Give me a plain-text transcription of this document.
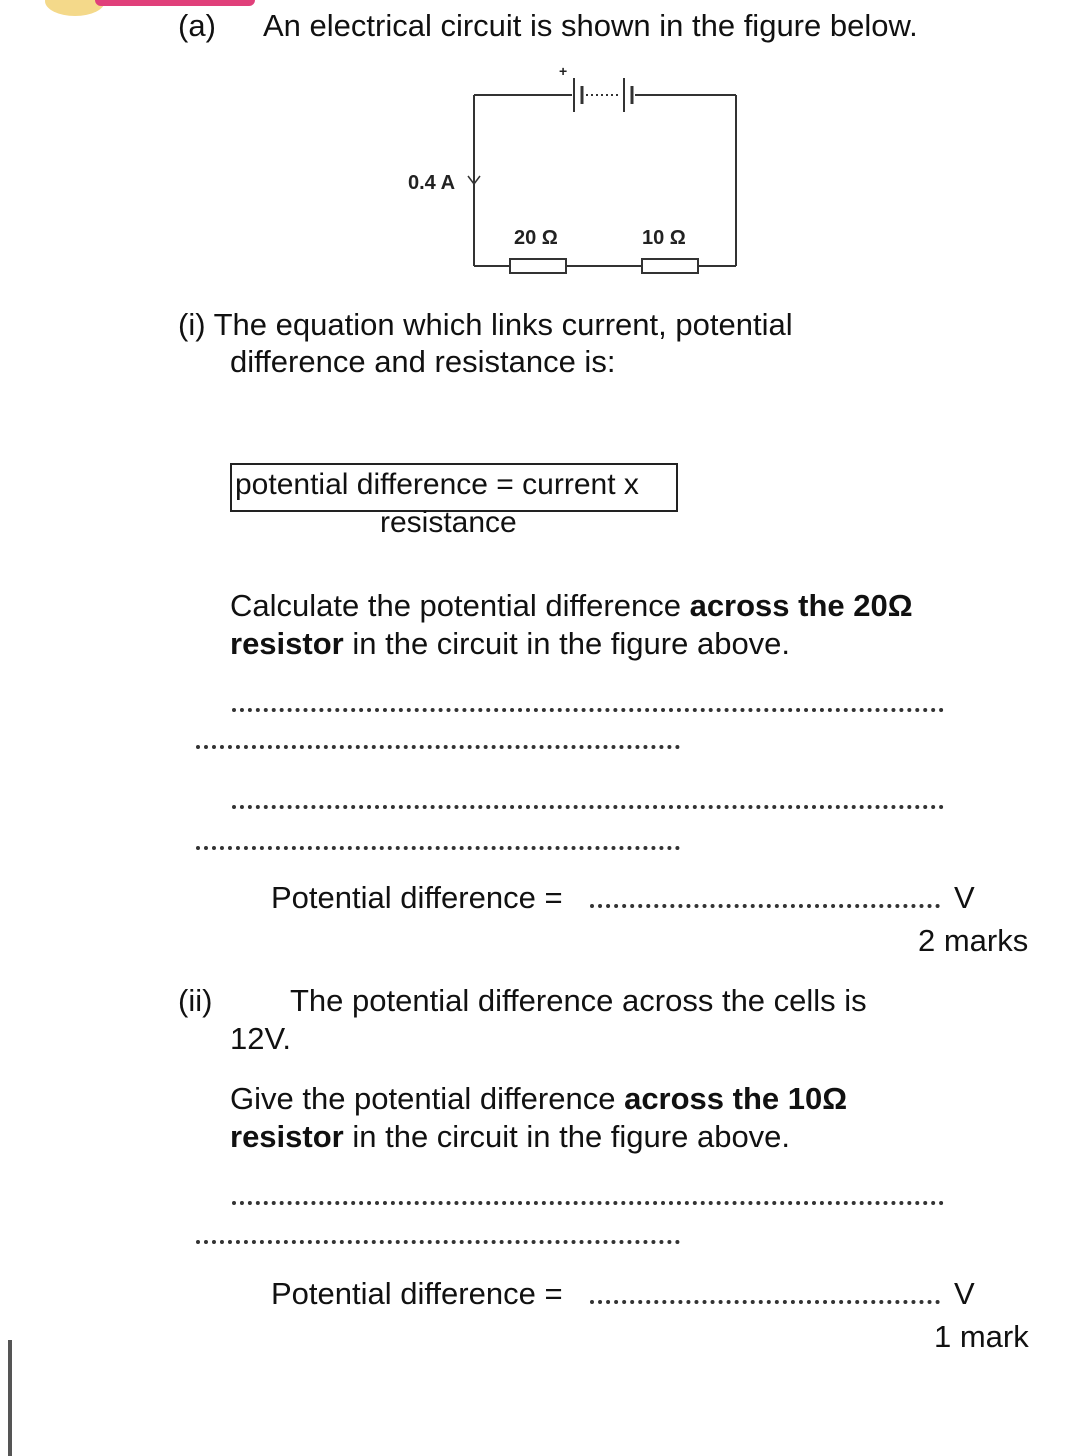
(a) An electrical circuit is shown in the figure below.
+
0.4 A
20 Ω	10 Ω
(i) The equation which links current, potential
difference and resistance is:
potential difference = current x
resistance
Calculate the potential difference across the 20Ω
resistor in the circuit in the figure above.
Potential difference =	V
2 marks
(ii)	The potential difference across the cells is
12V.
Give the potential difference across the 10Ω
resistor in the circuit in the figure above.
Potential difference =	V
1 mark
